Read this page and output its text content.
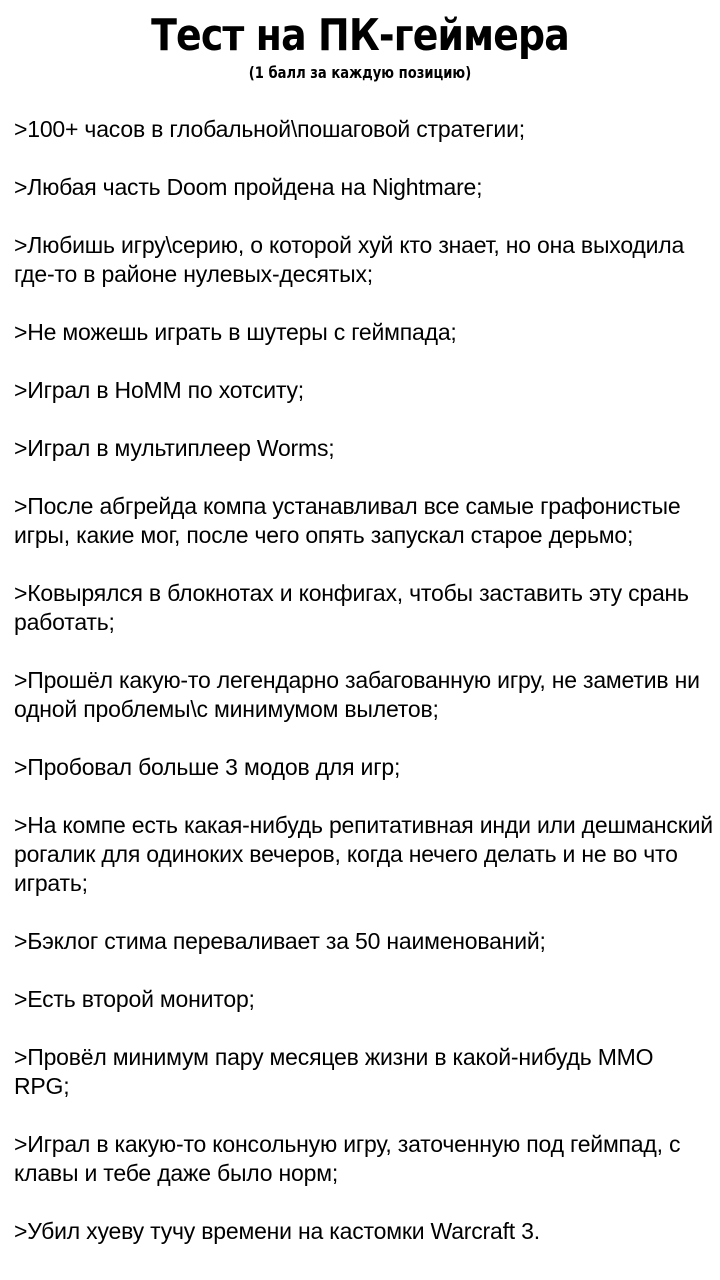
Тест на ПК-геймера
(1 балл за каждую позицию)
>100+ часов в глобальной\пошаговой стратегии;
>Любая часть Doom пройдена на Nightmare;
>Любишь игру\серию, о которой хуй кто знает, но она выходила где-то в районе нулевых-десятых;
>Не можешь играть в шутеры с геймпада;
>Играл в HoMM по хотситу;
>Играл в мультиплеер Worms;
>После абгрейда компа устанавливал все самые графонистые игры, какие мог, после чего опять запускал старое дерьмо;
>Ковырялся в блокнотах и конфигах, чтобы заставить эту срань работать;
>Прошёл какую-то легендарно забагованную игру, не заметив ни одной проблемы\с минимумом вылетов;
>Пробовал больше 3 модов для игр;
>На компе есть какая-нибудь репитативная инди или дешманский рогалик для одиноких вечеров, когда нечего делать и не во что играть;
>Бэклог стима переваливает за 50 наименований;
>Есть второй монитор;
>Провёл минимум пару месяцев жизни в какой-нибудь MMO RPG;
>Играл в какую-то консольную игру, заточенную под геймпад, с клавы и тебе даже было норм;
>Убил хуеву тучу времени на кастомки Warcraft 3.
